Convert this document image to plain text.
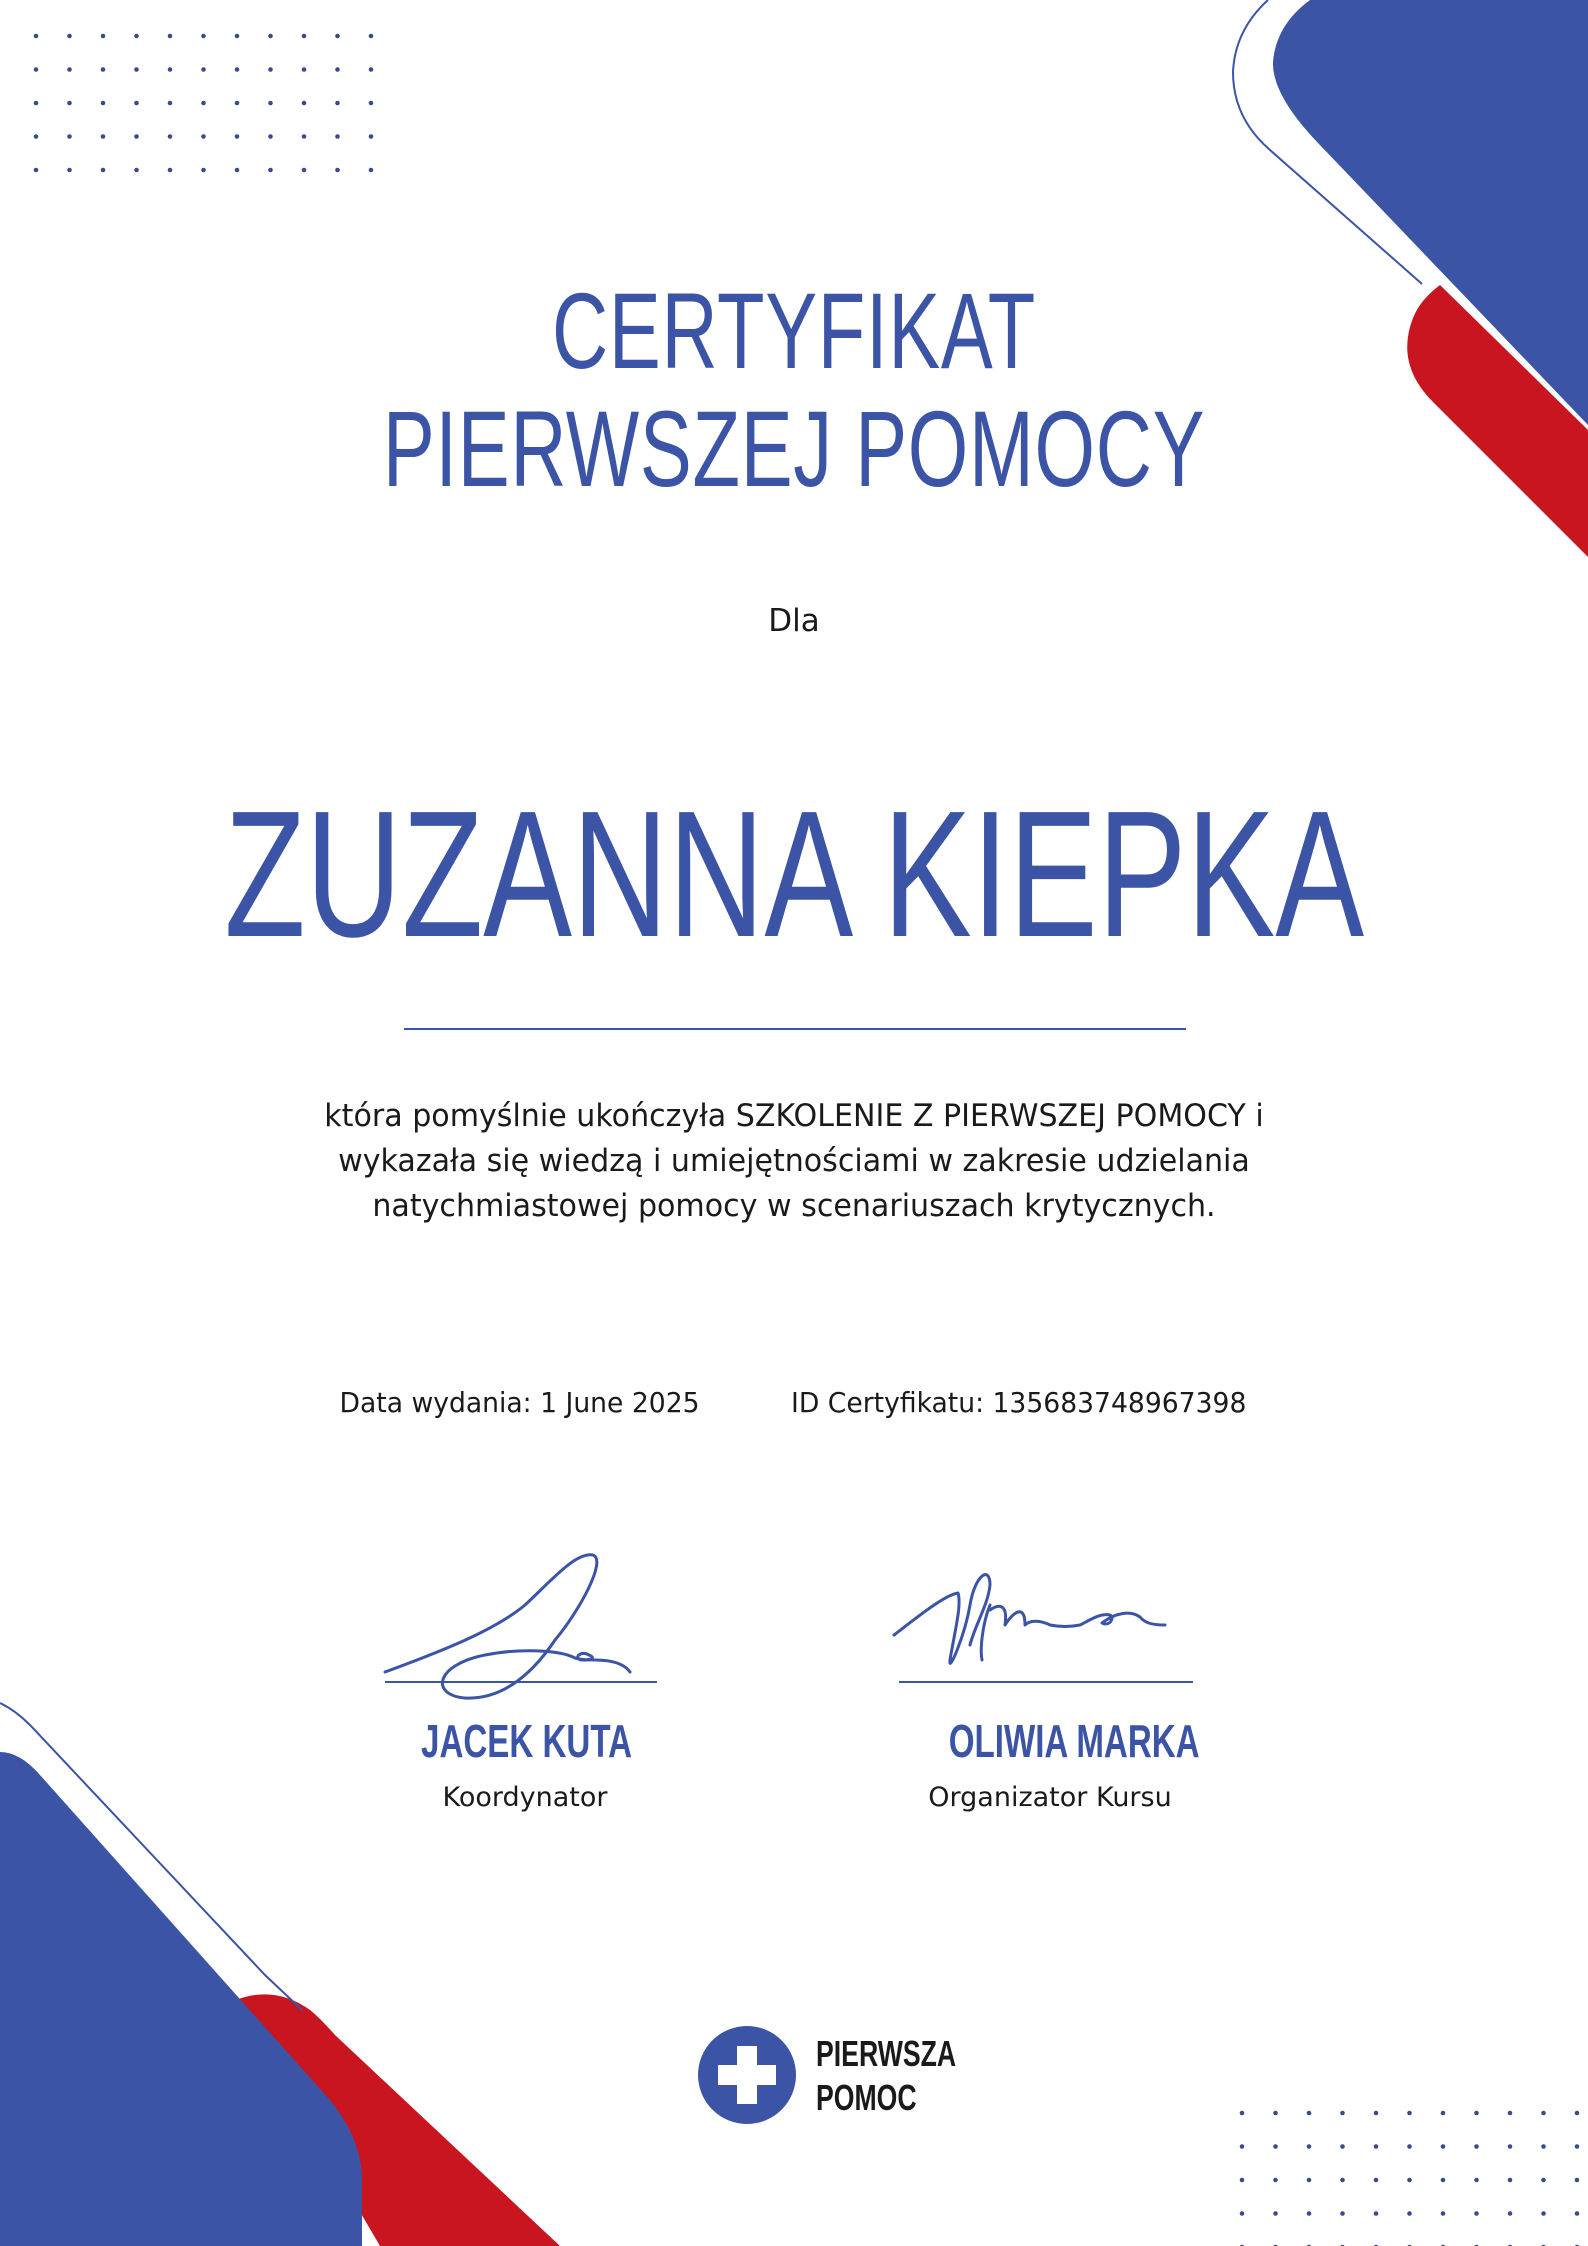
CERTYFIKAT
PIERWSZEJ POMOCY
Dla
ZUZANNA KIEPKA
która pomyślnie ukończyła SZKOLENIE Z PIERWSZEJ POMOCY i
wykazała się wiedzą i umiejętnościami w zakresie udzielania
natychmiastowej pomocy w scenariuszach krytycznych.
Data wydania: 1 June 2025	ID Certyfikatu: 135683748967398
JACEK KUTA
Koordynator
OLIWIA MARKA
Organizator Kursu
PIERWSZA
POMOC
